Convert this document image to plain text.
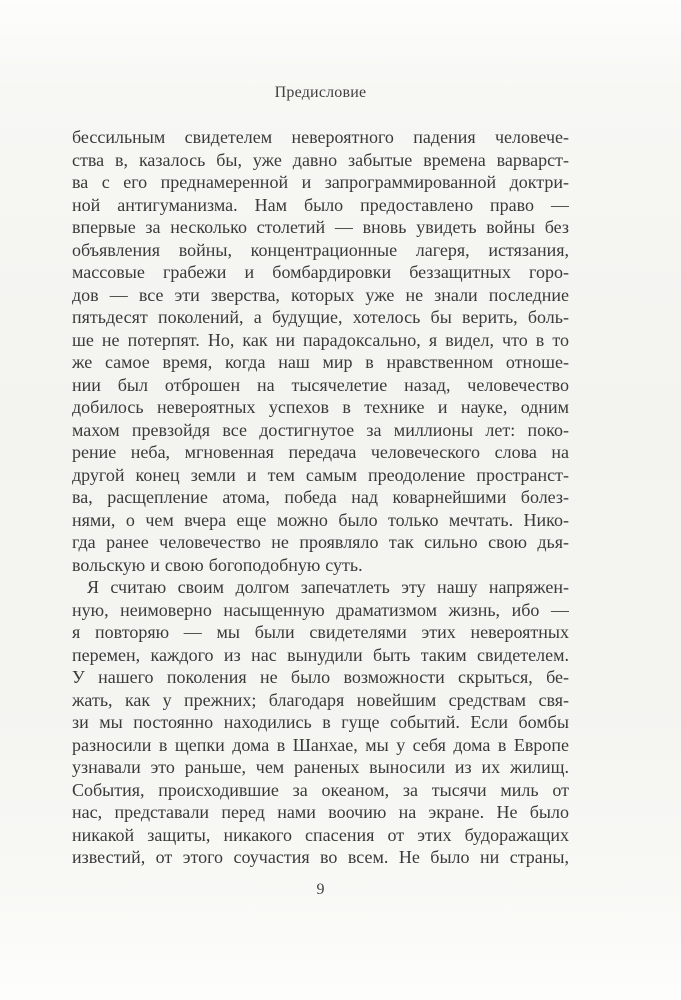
Предисловие
бессильным свидетелем невероятного падения человече-
ства в, казалось бы, уже давно забытые времена варварст-
ва с его преднамеренной и запрограммированной доктри-
ной антигуманизма. Нам было предоставлено право —
впервые за несколько столетий — вновь увидеть войны без
объявления войны, концентрационные лагеря, истязания,
массовые грабежи и бомбардировки беззащитных горо-
дов — все эти зверства, которых уже не знали последние
пятьдесят поколений, а будущие, хотелось бы верить, боль-
ше не потерпят. Но, как ни парадоксально, я видел, что в то
же самое время, когда наш мир в нравственном отноше-
нии был отброшен на тысячелетие назад, человечество
добилось невероятных успехов в технике и науке, одним
махом превзойдя все достигнутое за миллионы лет: поко-
рение неба, мгновенная передача человеческого слова на
другой конец земли и тем самым преодоление пространст-
ва, расщепление атома, победа над коварнейшими болез-
нями, о чем вчера еще можно было только мечтать. Нико-
гда ранее человечество не проявляло так сильно свою дья-
вольскую и свою богоподобную суть.
Я считаю своим долгом запечатлеть эту нашу напряжен-
ную, неимоверно насыщенную драматизмом жизнь, ибо —
я повторяю — мы были свидетелями этих невероятных
перемен, каждого из нас вынудили быть таким свидетелем.
У нашего поколения не было возможности скрыться, бе-
жать, как у прежних; благодаря новейшим средствам свя-
зи мы постоянно находились в гуще событий. Если бомбы
разносили в щепки дома в Шанхае, мы у себя дома в Европе
узнавали это раньше, чем раненых выносили из их жилищ.
События, происходившие за океаном, за тысячи миль от
нас, представали перед нами воочию на экране. Не было
никакой защиты, никакого спасения от этих будоражащих
известий, от этого соучастия во всем. Не было ни страны,
9
